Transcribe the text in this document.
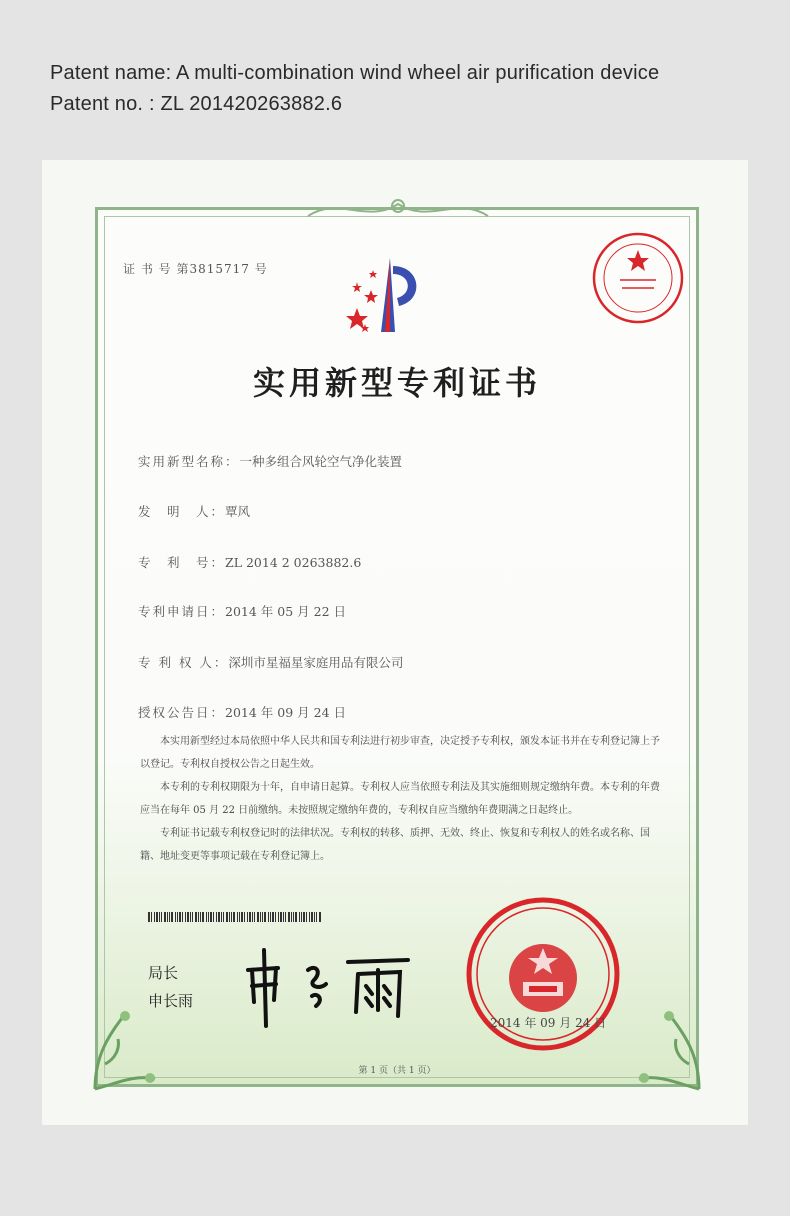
Patent name: A multi-combination wind wheel air purification device
Patent no. : ZL 201420263882.6
证 书 号 第3815717 号
实用新型专利证书
实用新型名称：一种多组合风轮空气净化装置
发　明　人：覃风
专　利　号：ZL 2014 2 0263882.6
专利申请日：2014 年 05 月 22 日
专 利 权 人：深圳市星福星家庭用品有限公司
授权公告日：2014 年 09 月 24 日
本实用新型经过本局依照中华人民共和国专利法进行初步审查，决定授予专利权，颁发本证书并在专利登记簿上予以登记。专利权自授权公告之日起生效。
本专利的专利权期限为十年，自申请日起算。专利权人应当依照专利法及其实施细则规定缴纳年费。本专利的年费应当在每年 05 月 22 日前缴纳。未按照规定缴纳年费的，专利权自应当缴纳年费期满之日起终止。
专利证书记载专利权登记时的法律状况。专利权的转移、质押、无效、终止、恢复和专利权人的姓名或名称、国籍、地址变更等事项记载在专利登记簿上。
局长
申长雨
2014 年 09 月 24 日
第 1 页（共 1 页）
